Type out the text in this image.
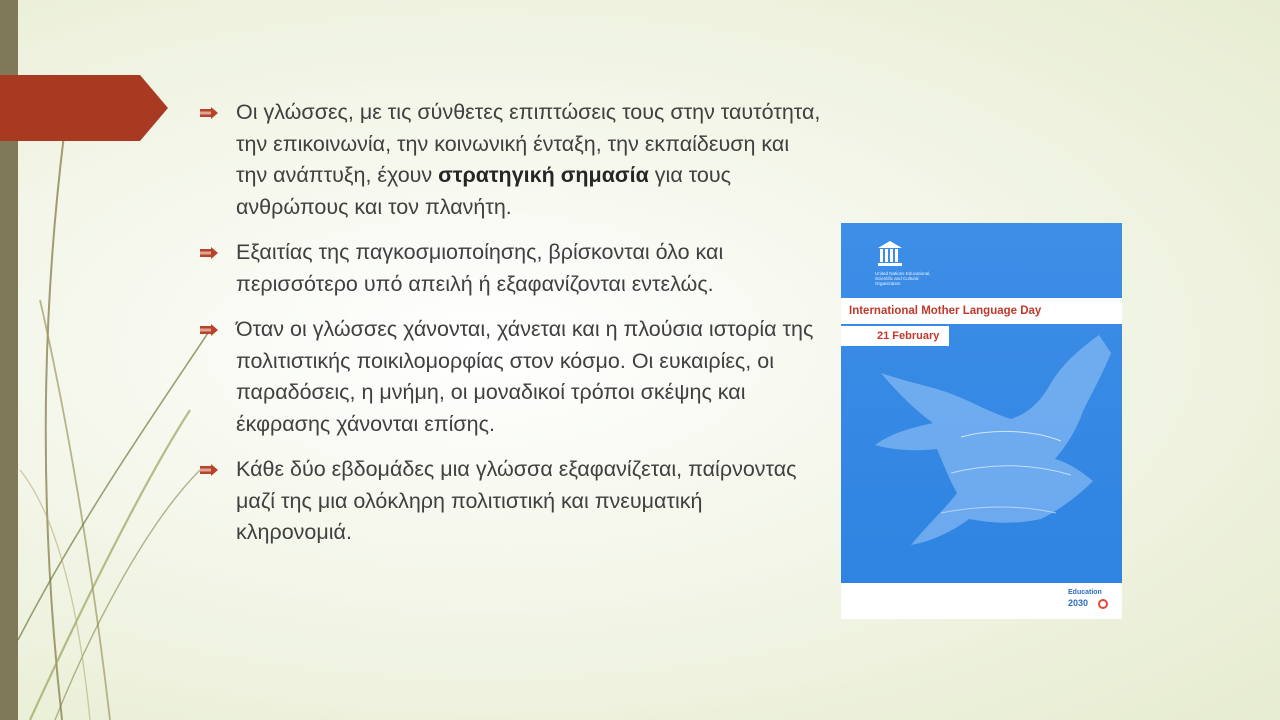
Οι γλώσσες, με τις σύνθετες επιπτώσεις τους στην ταυτότητα, την επικοινωνία, την κοινωνική ένταξη, την εκπαίδευση και την ανάπτυξη, έχουν στρατηγική σημασία για τους ανθρώπους και τον πλανήτη.
Εξαιτίας της παγκοσμιοποίησης, βρίσκονται όλο και περισσότερο υπό απειλή ή εξαφανίζονται εντελώς.
Όταν οι γλώσσες χάνονται, χάνεται και η πλούσια ιστορία της πολιτιστικής ποικιλομορφίας στον κόσμο. Οι ευκαιρίες, οι παραδόσεις, η μνήμη, οι μοναδικοί τρόποι σκέψης και έκφρασης χάνονται επίσης.
Κάθε δύο εβδομάδες μια γλώσσα εξαφανίζεται, παίρνοντας μαζί της μια ολόκληρη πολιτιστική και πνευματική κληρονομιά.
United Nations Educational, Scientific and Cultural Organization
International Mother Language Day
21 February
Education
2030
